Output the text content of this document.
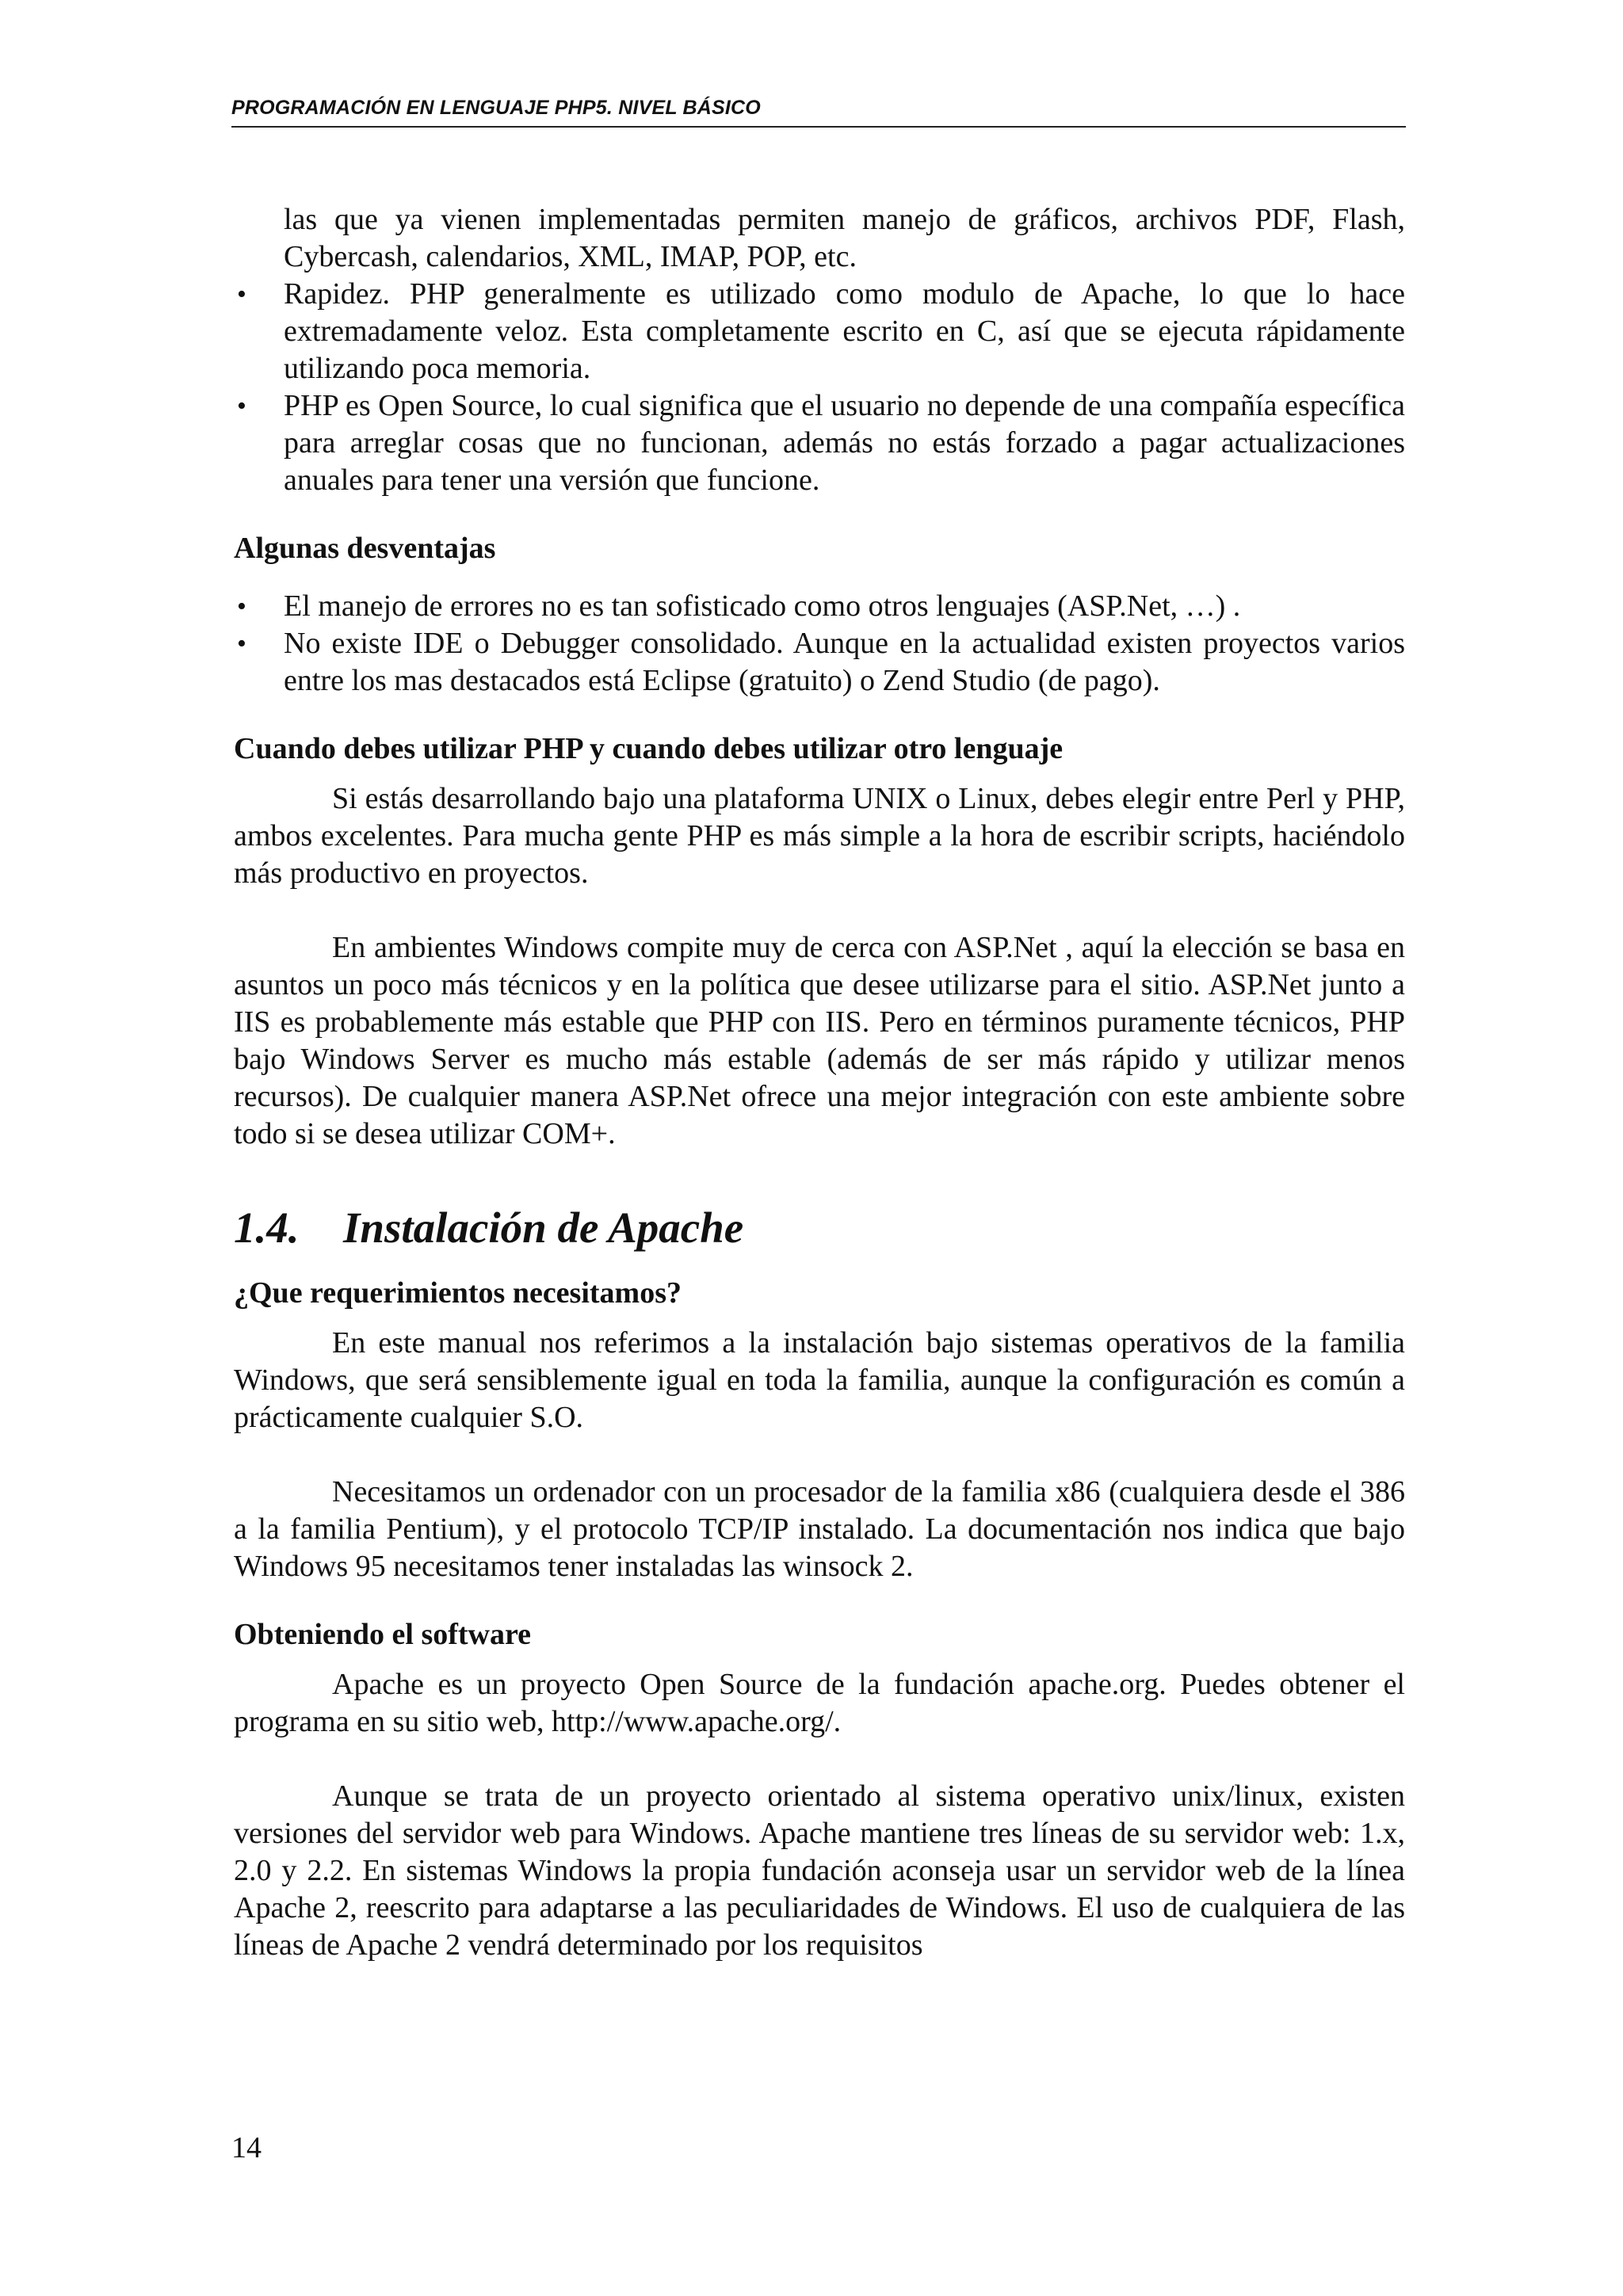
PROGRAMACIÓN EN LENGUAJE PHP5. NIVEL BÁSICO

las que ya vienen implementadas permiten manejo de gráficos, archivos PDF, Flash, Cybercash, calendarios, XML, IMAP, POP, etc.

• Rapidez. PHP generalmente es utilizado como modulo de Apache, lo que lo hace extremadamente veloz. Esta completamente escrito en C, así que se ejecuta rápidamente utilizando poca memoria.
• PHP es Open Source, lo cual significa que el usuario no depende de una compañía específica para arreglar cosas que no funcionan, además no estás forzado a pagar actualizaciones anuales para tener una versión que funcione.

Algunas desventajas

• El manejo de errores no es tan sofisticado como otros lenguajes (ASP.Net, …) .
• No existe IDE o Debugger consolidado. Aunque en la actualidad existen proyectos varios entre los mas destacados está Eclipse (gratuito) o Zend Studio (de pago).

Cuando debes utilizar PHP y cuando debes utilizar otro lenguaje

Si estás desarrollando bajo una plataforma UNIX o Linux, debes elegir entre Perl y PHP, ambos excelentes. Para mucha gente PHP es más simple a la hora de escribir scripts, haciéndolo más productivo en proyectos.

En ambientes Windows compite muy de cerca con ASP.Net , aquí la elección se basa en asuntos un poco más técnicos y en la política que desee utilizarse para el sitio. ASP.Net junto a IIS es probablemente más estable que PHP con IIS. Pero en términos puramente técnicos, PHP bajo Windows Server es mucho más estable (además de ser más rápido y utilizar menos recursos). De cualquier manera ASP.Net ofrece una mejor integración con este ambiente sobre todo si se desea utilizar COM+.

1.4. Instalación de Apache

¿Que requerimientos necesitamos?

En este manual nos referimos a la instalación bajo sistemas operativos de la familia Windows, que será sensiblemente igual en toda la familia, aunque la configuración es común a prácticamente cualquier S.O.

Necesitamos un ordenador con un procesador de la familia x86 (cualquiera desde el 386 a la familia Pentium), y el protocolo TCP/IP instalado. La documentación nos indica que bajo Windows 95 necesitamos tener instaladas las winsock 2.

Obteniendo el software

Apache es un proyecto Open Source de la fundación apache.org. Puedes obtener el programa en su sitio web, http://www.apache.org/.

Aunque se trata de un proyecto orientado al sistema operativo unix/linux, existen versiones del servidor web para Windows. Apache mantiene tres líneas de su servidor web: 1.x, 2.0 y 2.2. En sistemas Windows la propia fundación aconseja usar un servidor web de la línea Apache 2, reescrito para adaptarse a las peculiaridades de Windows. El uso de cualquiera de las líneas de Apache 2 vendrá determinado por los requisitos

14
